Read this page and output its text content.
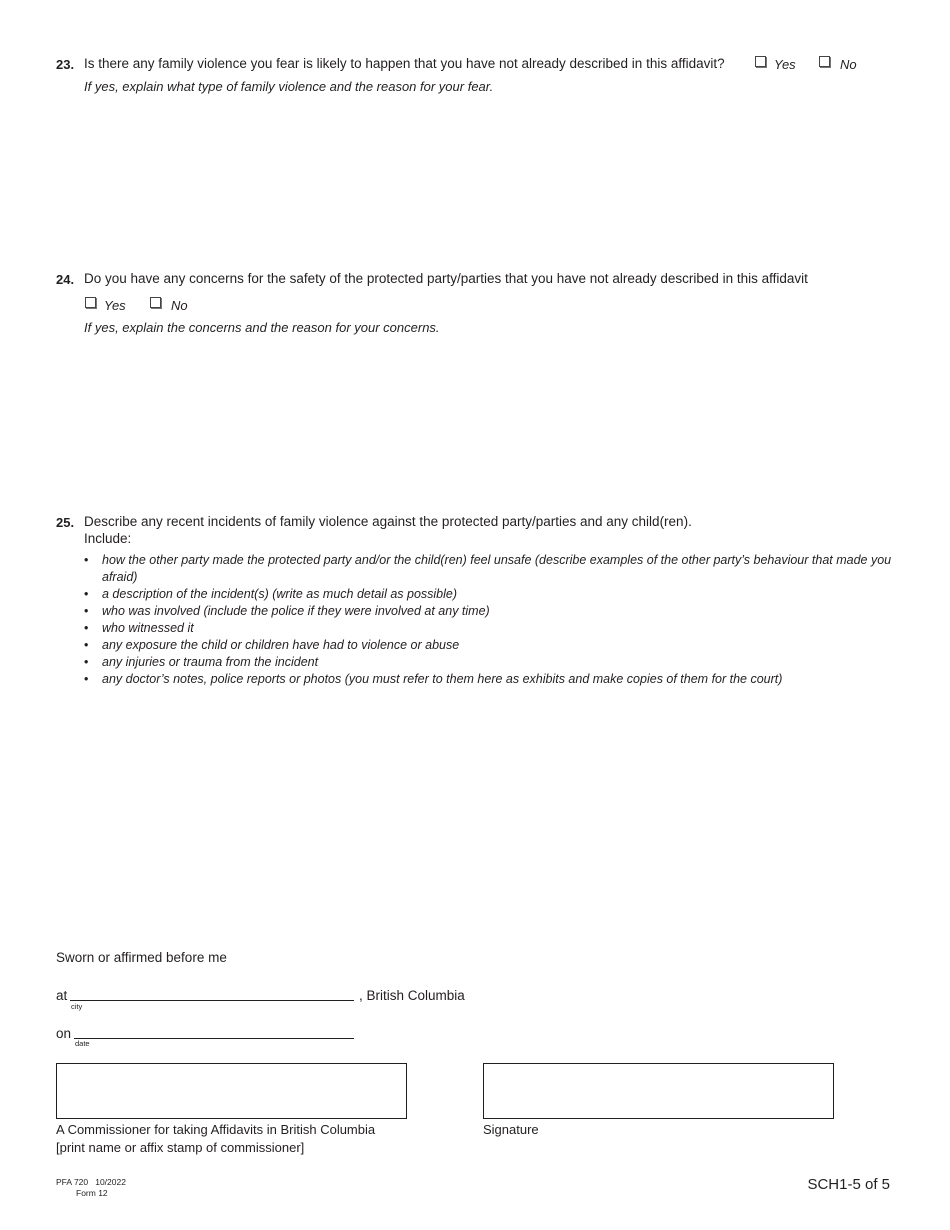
23. Is there any family violence you fear is likely to happen that you have not already described in this affidavit?	Yes	No
If yes, explain what type of family violence and the reason for your fear.
24. Do you have any concerns for the safety of the protected party/parties that you have not already described in this affidavit
Yes	No
If yes, explain the concerns and the reason for your concerns.
25. Describe any recent incidents of family violence against the protected party/parties and any child(ren).
Include:
• how the other party made the protected party and/or the child(ren) feel unsafe (describe examples of the other party’s behaviour that made you afraid)
• a description of the incident(s) (write as much detail as possible)
• who was involved (include the police if they were involved at any time)
• who witnessed it
• any exposure the child or children have had to violence or abuse
• any injuries or trauma from the incident
• any doctor’s notes, police reports or photos (you must refer to them here as exhibits and make copies of them for the court)
Sworn or affirmed before me
at
city
, British Columbia
on
date
A Commissioner for taking Affidavits in British Columbia
[print name or affix stamp of commissioner]
Signature
PFA 720   10/2022
Form 12	SCH1-5 of 5
